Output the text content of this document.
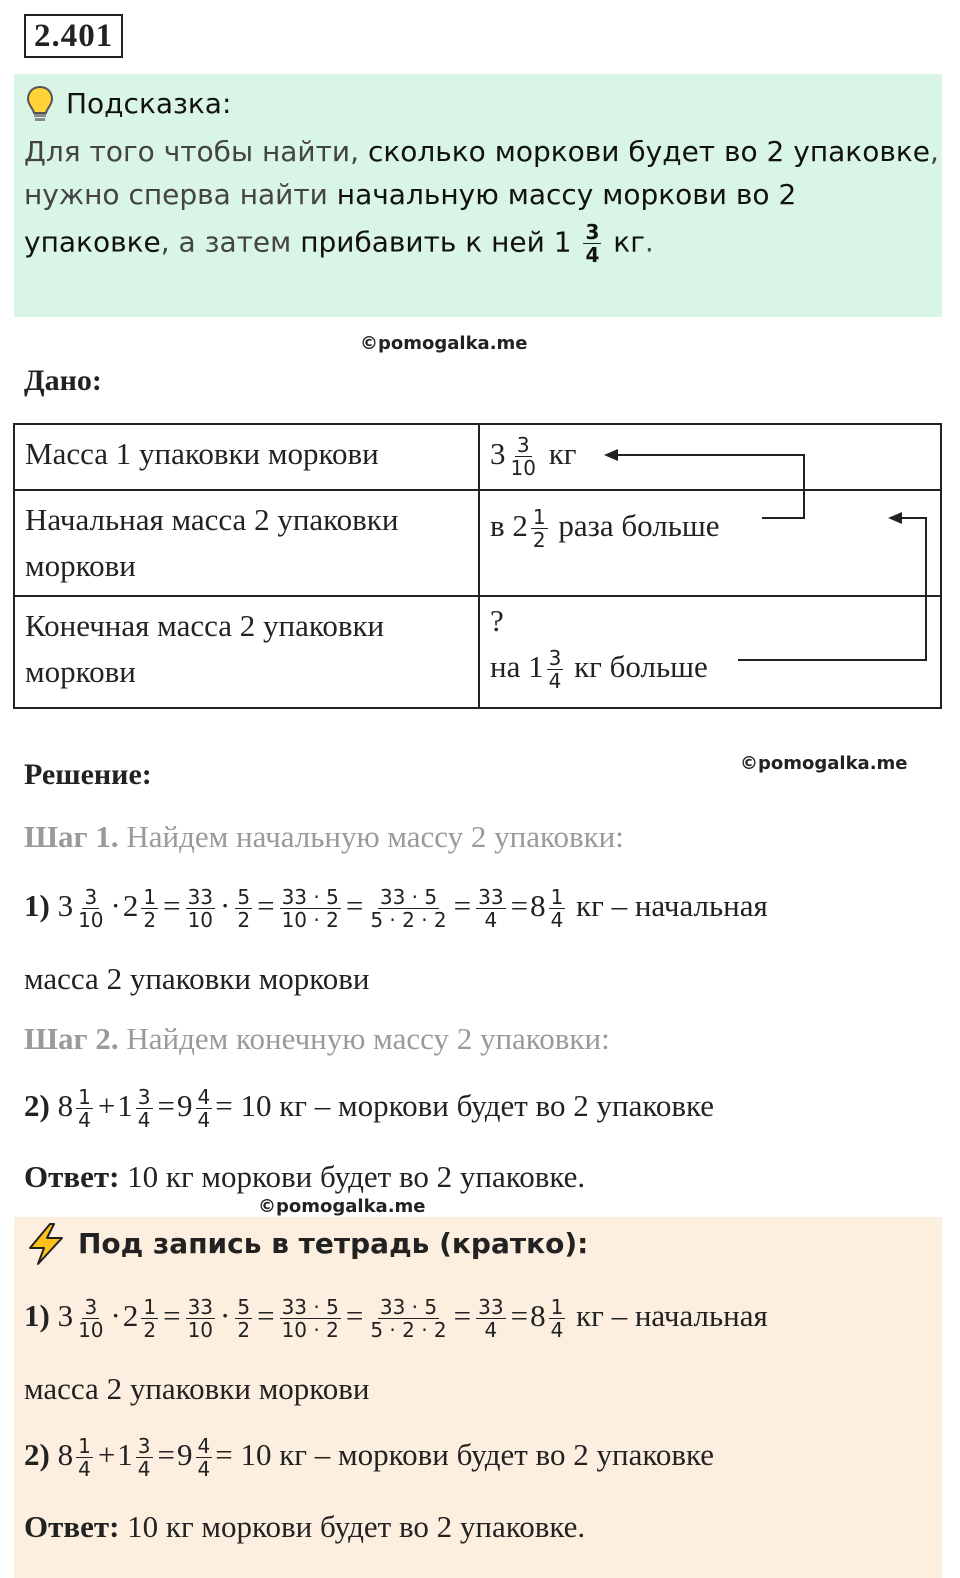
2.401
Подсказка:
Для того чтобы найти, сколько моркови будет во 2 упаковке,
нужно сперва найти начальную массу моркови во 2
упаковке, а затем прибавить к ней $1 \frac{3}{4}$ кг.
©pomogalka.me
Дано:
Масса 1 упаковки моркови	$3 \frac{3}{10}$ кг
Начальная масса 2 упаковки
моркови	в $2 \frac{1}{2}$ раза больше
Конечная масса 2 упаковки
моркови	?
на $1 \frac{3}{4}$ кг больше
Решение:	©pomogalka.me
Шаг 1. Найдем начальную массу 2 упаковки:
1) $3 \frac{3}{10} \cdot 2 \frac{1}{2} = \frac{33}{10} \cdot \frac{5}{2} = \frac{33 \cdot 5}{10 \cdot 2} = \frac{33 \cdot 5}{5 \cdot 2 \cdot 2} = \frac{33}{4} =8 \frac{1}{4}$ кг – начальная
масса 2 упаковки моркови
Шаг 2. Найдем конечную массу 2 упаковки:
2) $8 \frac{1}{4} +1 \frac{3}{4} =9 \frac{4}{4} = 10$ кг – моркови будет во 2 упаковке
Ответ: 10 кг моркови будет во 2 упаковке.
©pomogalka.me
Под запись в тетрадь (кратко):
1) $3 \frac{3}{10} \cdot 2 \frac{1}{2} = \frac{33}{10} \cdot \frac{5}{2} = \frac{33 \cdot 5}{10 \cdot 2} = \frac{33 \cdot 5}{5 \cdot 2 \cdot 2} = \frac{33}{4} =8 \frac{1}{4}$ кг – начальная
масса 2 упаковки моркови
2) $8 \frac{1}{4} +1 \frac{3}{4} =9 \frac{4}{4} = 10$ кг – моркови будет во 2 упаковке
Ответ: 10 кг моркови будет во 2 упаковке.
